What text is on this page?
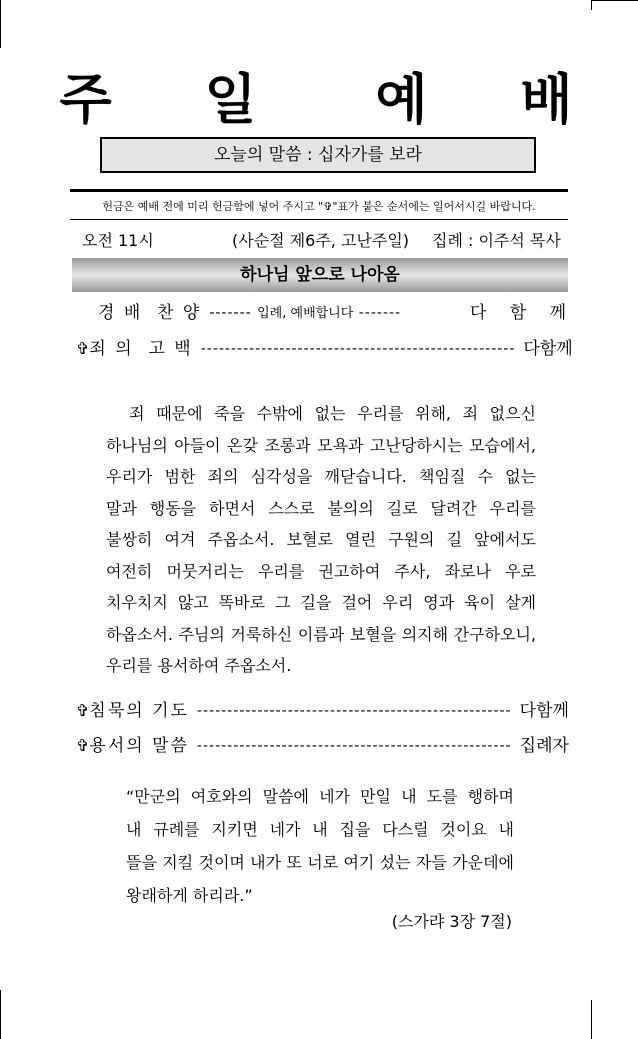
주 일 예 배
오늘의 말씀 : 십자가를 보라
헌금은 예배 전에 미리 헌금함에 넣어 주시고 "✞"표가 붙은 순서에는 일어서시길 바랍니다.
오전 11시	(사순절 제6주, 고난주일) 집례 : 이주석 목사
하나님 앞으로 나아옴
경 배  찬 양 ------- 입례, 예배합니다 -------	다 함 께
✞ 죄 의  고 백 ---------------------------------------------------- 다 함 께
죄 때문에 죽을 수밖에 없는 우리를 위해, 죄 없으신
하나님의 아들이 온갖 조롱과 모욕과 고난당하시는 모습에서,
우리가 범한 죄의 심각성을 깨닫습니다. 책임질 수 없는
말과 행동을 하면서 스스로 불의의 길로 달려간 우리를
불쌍히 여겨 주옵소서. 보혈로 열린 구원의 길 앞에서도
여전히 머뭇거리는 우리를 권고하여 주사, 좌로나 우로
치우치지 않고 똑바로 그 길을 걸어 우리 영과 육이 살게
하옵소서. 주님의 거룩하신 이름과 보혈을 의지해 간구하오니,
우리를 용서하여 주옵소서.
✞ 침묵의 기도 ---------------------------------------------------- 다 함 께
✞ 용서의 말씀 ---------------------------------------------------- 집 례 자
“만군의 여호와의 말씀에 네가 만일 내 도를 행하며
내 규례를 지키면 네가 내 집을 다스릴 것이요 내
뜰을 지킬 것이며 내가 또 너로 여기 섰는 자들 가운데에
왕래하게 하리라.”
(스가랴 3장 7절)
